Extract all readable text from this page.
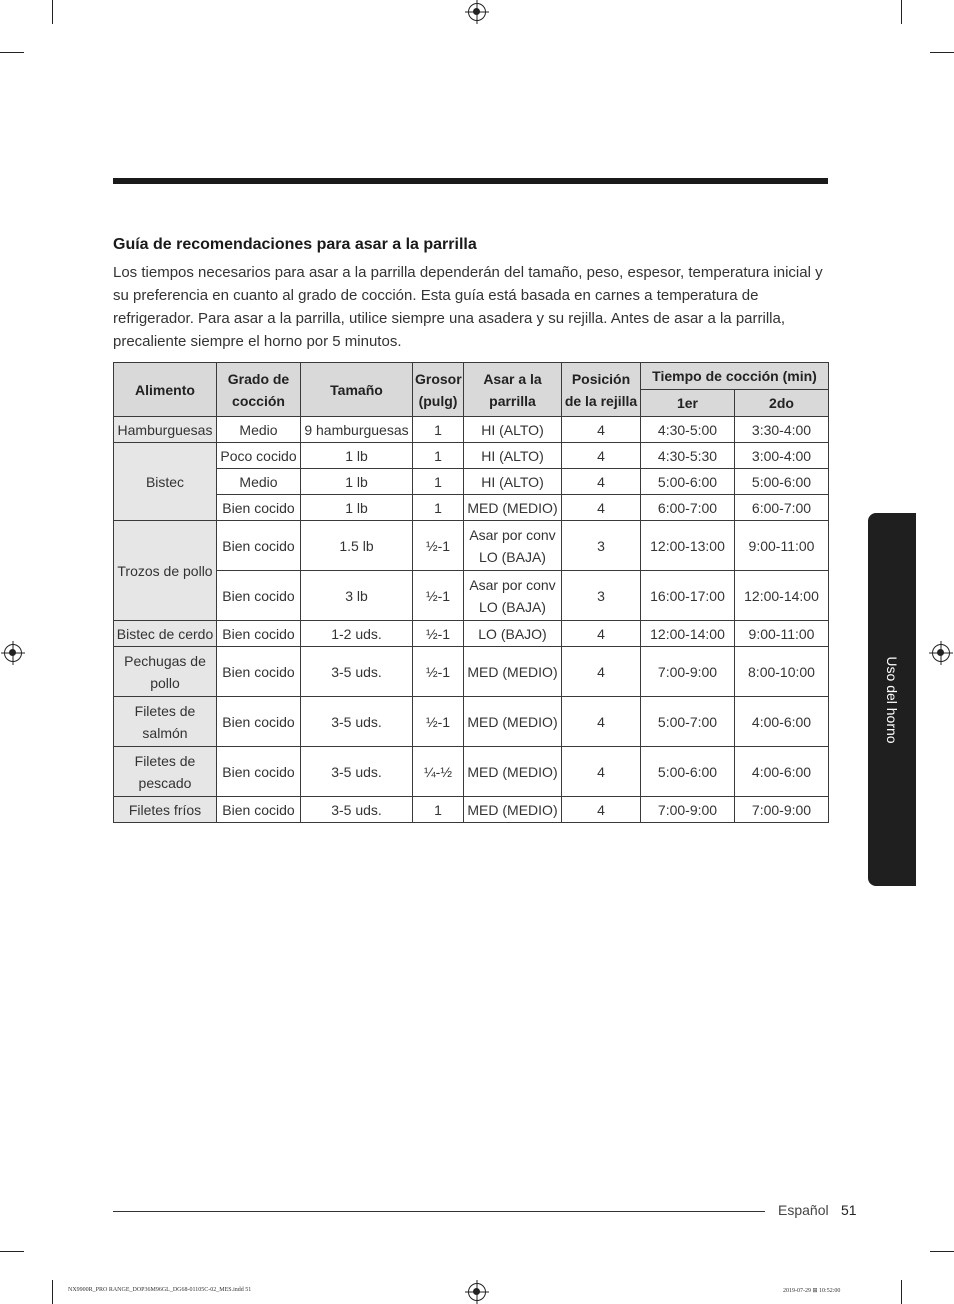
Guía de recomendaciones para asar a la parrilla
Los tiempos necesarios para asar a la parrilla dependerán del tamaño, peso, espesor, temperatura inicial y su preferencia en cuanto al grado de cocción. Esta guía está basada en carnes a temperatura de refrigerador. Para asar a la parrilla, utilice siempre una asadera y su rejilla. Antes de asar a la parrilla, precaliente siempre el horno por 5 minutos.
Alimento	Grado de cocción	Tamaño	Grosor (pulg)	Asar a la parrilla	Posición de la rejilla	Tiempo de cocción (min)	
						1er	2do
Hamburguesas	Medio	9 hamburguesas	1	HI (ALTO)	4	4:30-5:00	3:30-4:00
Bistec	Poco cocido	1 lb	1	HI (ALTO)	4	4:30-5:30	3:00-4:00
	Medio	1 lb	1	HI (ALTO)	4	5:00-6:00	5:00-6:00
	Bien cocido	1 lb	1	MED (MEDIO)	4	6:00-7:00	6:00-7:00
Trozos de pollo	Bien cocido	1.5 lb	½-1	Asar por conv LO (BAJA)	3	12:00-13:00	9:00-11:00
	Bien cocido	3 lb	½-1	Asar por conv LO (BAJA)	3	16:00-17:00	12:00-14:00
Bistec de cerdo	Bien cocido	1-2 uds.	½-1	LO (BAJO)	4	12:00-14:00	9:00-11:00
Pechugas de pollo	Bien cocido	3-5 uds.	½-1	MED (MEDIO)	4	7:00-9:00	8:00-10:00
Filetes de salmón	Bien cocido	3-5 uds.	½-1	MED (MEDIO)	4	5:00-7:00	4:00-6:00
Filetes de pescado	Bien cocido	3-5 uds.	¼-½	MED (MEDIO)	4	5:00-6:00	4:00-6:00
Filetes fríos	Bien cocido	3-5 uds.	1	MED (MEDIO)	4	7:00-9:00	7:00-9:00
Uso del horno
Español 51
NX9900R_PRO RANGE_DOP36M96GL_DG68-01105C-02_MES.indd 51	2019-07-29 ⊞ 10:52:00
